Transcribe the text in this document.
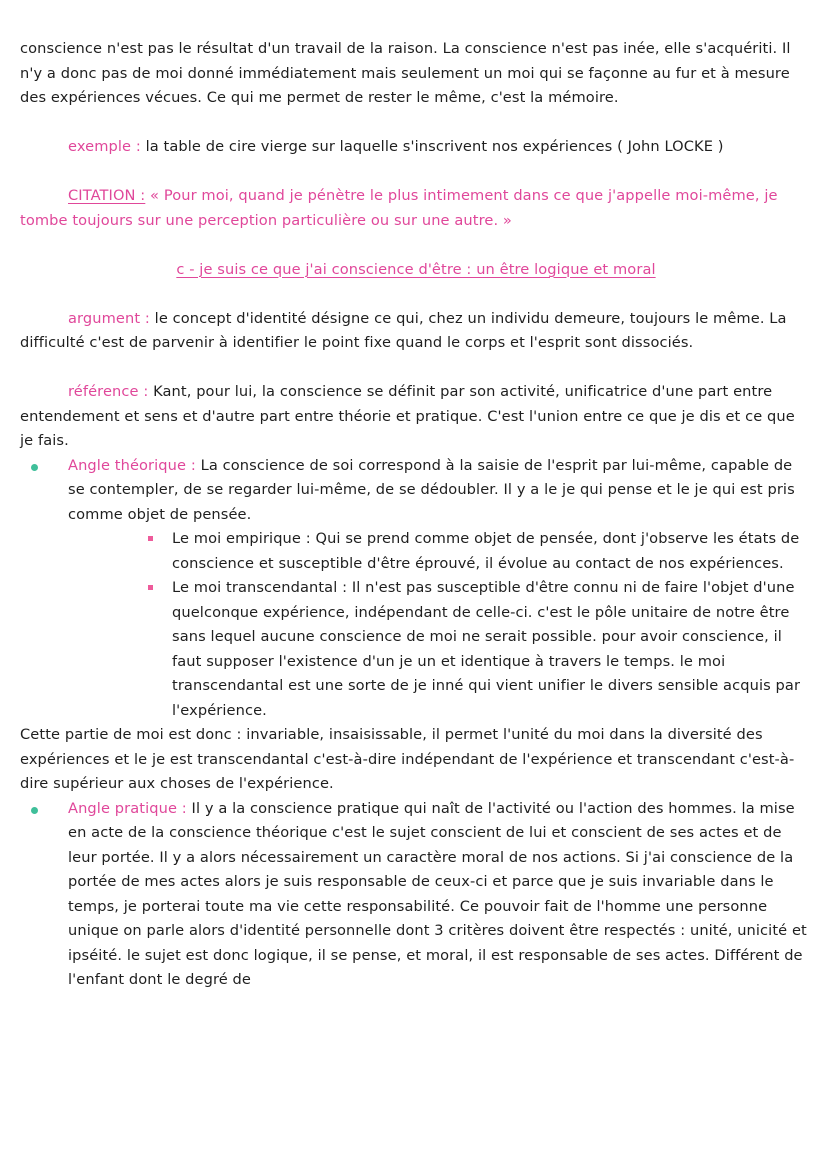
conscience n'est pas le résultat d'un travail de la raison. La conscience n'est pas inée, elle s'acquériti. Il n'y a donc pas de moi donné immédiatement mais seulement un moi qui se façonne au fur et à mesure des expériences vécues. Ce qui me permet de rester le même, c'est la mémoire.

exemple : la table de cire vierge sur laquelle s'inscrivent nos expériences ( John LOCKE )

CITATION : « Pour moi, quand je pénètre le plus intimement dans ce que j'appelle moi-même, je tombe toujours sur une perception particulière ou sur une autre. »

c - je suis ce que j'ai conscience d'être : un être logique et moral

argument : le concept d'identité désigne ce qui, chez un individu demeure, toujours le même. La difficulté c'est de parvenir à identifier le point fixe quand le corps et l'esprit sont dissociés.

référence : Kant, pour lui, la conscience se définit par son activité, unificatrice d'une part entre entendement et sens et d'autre part entre théorie et pratique. C'est l'union entre ce que je dis et ce que je fais.

Angle théorique : La conscience de soi correspond à la saisie de l'esprit par lui-même, capable de se contempler, de se regarder lui-même, de se dédoubler. Il y a le je qui pense et le je qui est pris comme objet de pensée.

Le moi empirique : Qui se prend comme objet de pensée, dont j'observe les états de conscience et susceptible d'être éprouvé, il évolue au contact de nos expériences.

Le moi transcendantal : Il n'est pas susceptible d'être connu ni de faire l'objet d'une quelconque expérience, indépendant de celle-ci. c'est le pôle unitaire de notre être sans lequel aucune conscience de moi ne serait possible. pour avoir conscience, il faut supposer l'existence d'un je un et identique à travers le temps. le moi transcendantal est une sorte de je inné qui vient unifier le divers sensible acquis par l'expérience.

Cette partie de moi est donc : invariable, insaisissable, il permet l'unité du moi dans la diversité des expériences et le je est transcendantal c'est-à-dire indépendant de l'expérience et transcendant c'est-à-dire supérieur aux choses de l'expérience.

Angle pratique : Il y a la conscience pratique qui naît de l'activité ou l'action des hommes. la mise en acte de la conscience théorique c'est le sujet conscient de lui et conscient de ses actes et de leur portée. Il y a alors nécessairement un caractère moral de nos actions. Si j'ai conscience de la portée de mes actes alors je suis responsable de ceux-ci et parce que je suis invariable dans le temps, je porterai toute ma vie cette responsabilité. Ce pouvoir fait de l'homme une personne unique on parle alors d'identité personnelle dont 3 critères doivent être respectés : unité, unicité et ipséité. le sujet est donc logique, il se pense, et moral, il est responsable de ses actes. Différent de l'enfant dont le degré de
